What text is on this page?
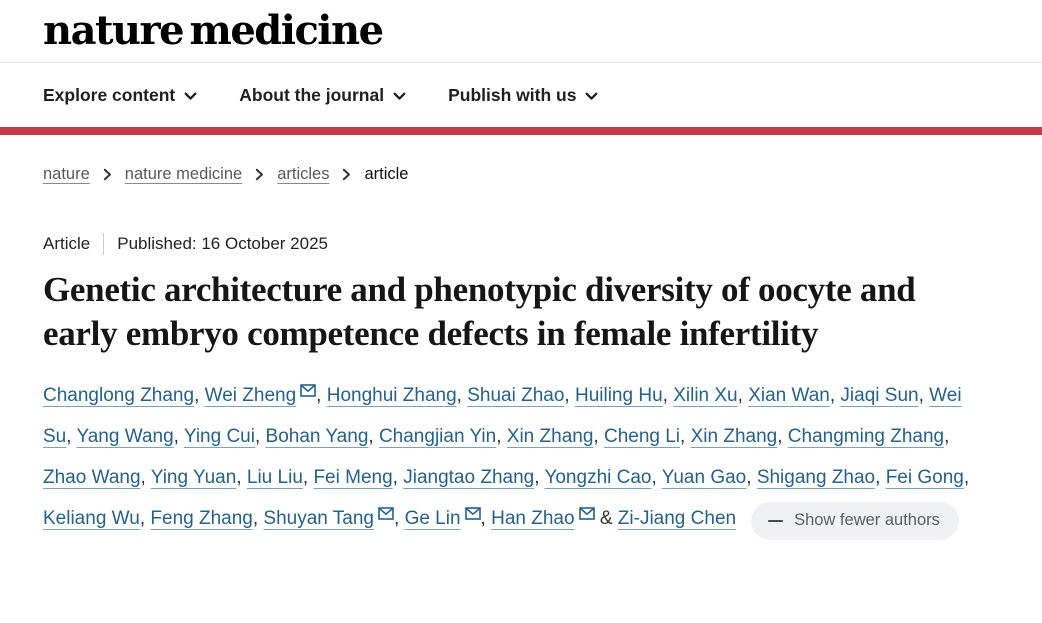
nature medicine
Explore content	About the journal	Publish with us
nature nature medicine articles article
Article Published: 16 October 2025
Genetic architecture and phenotypic diversity of oocyte and early embryo competence defects in female infertility

Changlong Zhang, Wei Zheng , Honghui Zhang, Shuai Zhao, Huiling Hu, Xilin Xu, Xian Wan, Jiaqi Sun, Wei Su, Yang Wang, Ying Cui, Bohan Yang, Changjian Yin, Xin Zhang, Cheng Li, Xin Zhang, Changming Zhang, Zhao Wang, Ying Yuan, Liu Liu, Fei Meng, Jiangtao Zhang, Yongzhi Cao, Yuan Gao, Shigang Zhao, Fei Gong, Keliang Wu, Feng Zhang, Shuyan Tang , Ge Lin , Han Zhao & Zi-Jiang Chen	Show fewer authors
